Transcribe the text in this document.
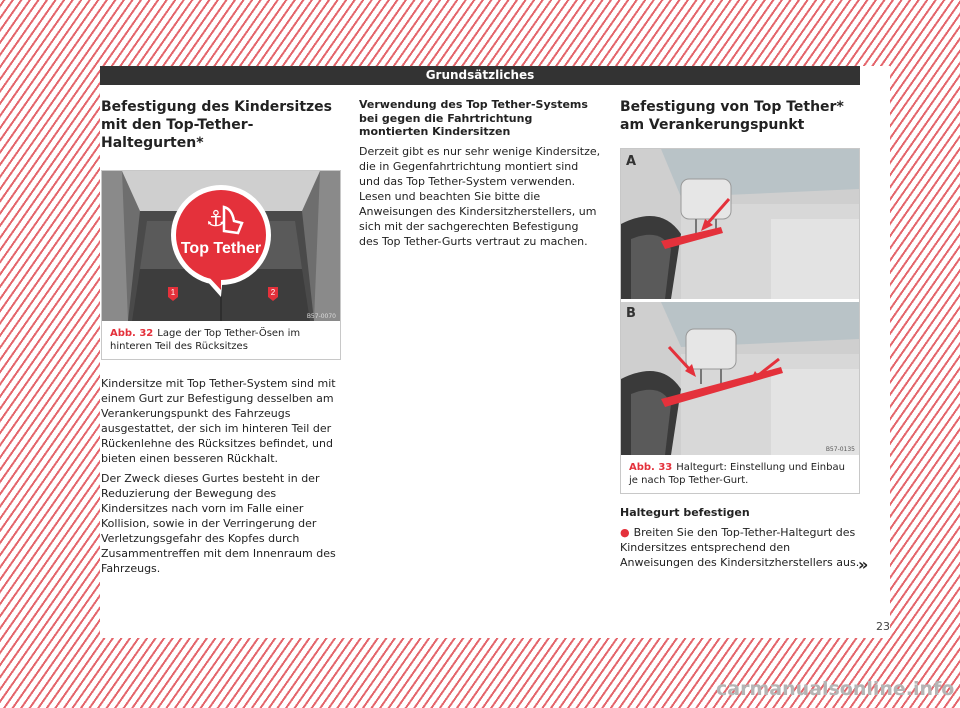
Grundsätzliches
Befestigung des Kindersitzes mit den Top-Tether-Haltegurten*
⚓
Top Tether
1	2
B57-0070
Abb. 32 Lage der Top Tether-Ösen im hinteren Teil des Rücksitzes

Kindersitze mit Top Tether-System sind mit einem Gurt zur Befestigung desselben am Verankerungspunkt des Fahrzeugs ausgestattet, der sich im hinteren Teil der Rückenlehne des Rücksitzes befindet, und bieten einen besseren Rückhalt.

Der Zweck dieses Gurtes besteht in der Reduzierung der Bewegung des Kindersitzes nach vorn im Falle einer Kollision, sowie in der Verringerung der Verletzungsgefahr des Kopfes durch Zusammentreffen mit dem Innenraum des Fahrzeugs.

Verwendung des Top Tether-Systems bei gegen die Fahrtrichtung montierten Kindersitzen

Derzeit gibt es nur sehr wenige Kindersitze, die in Gegenfahrtrichtung montiert sind und das Top Tether-System verwenden. Lesen und beachten Sie bitte die Anweisungen des Kindersitzherstellers, um sich mit der sachgerechten Befestigung des Top Tether-Gurts vertraut zu machen.

Befestigung von Top Tether* am Verankerungspunkt
A
B
B57-0135
Abb. 33 Haltegurt: Einstellung und Einbau je nach Top Tether-Gurt.
Haltegurt befestigen

● Breiten Sie den Top-Tether-Haltegurt des Kindersitzes entsprechend den Anweisungen des Kindersitzherstellers aus.

»
23
carmanualsonline.info
